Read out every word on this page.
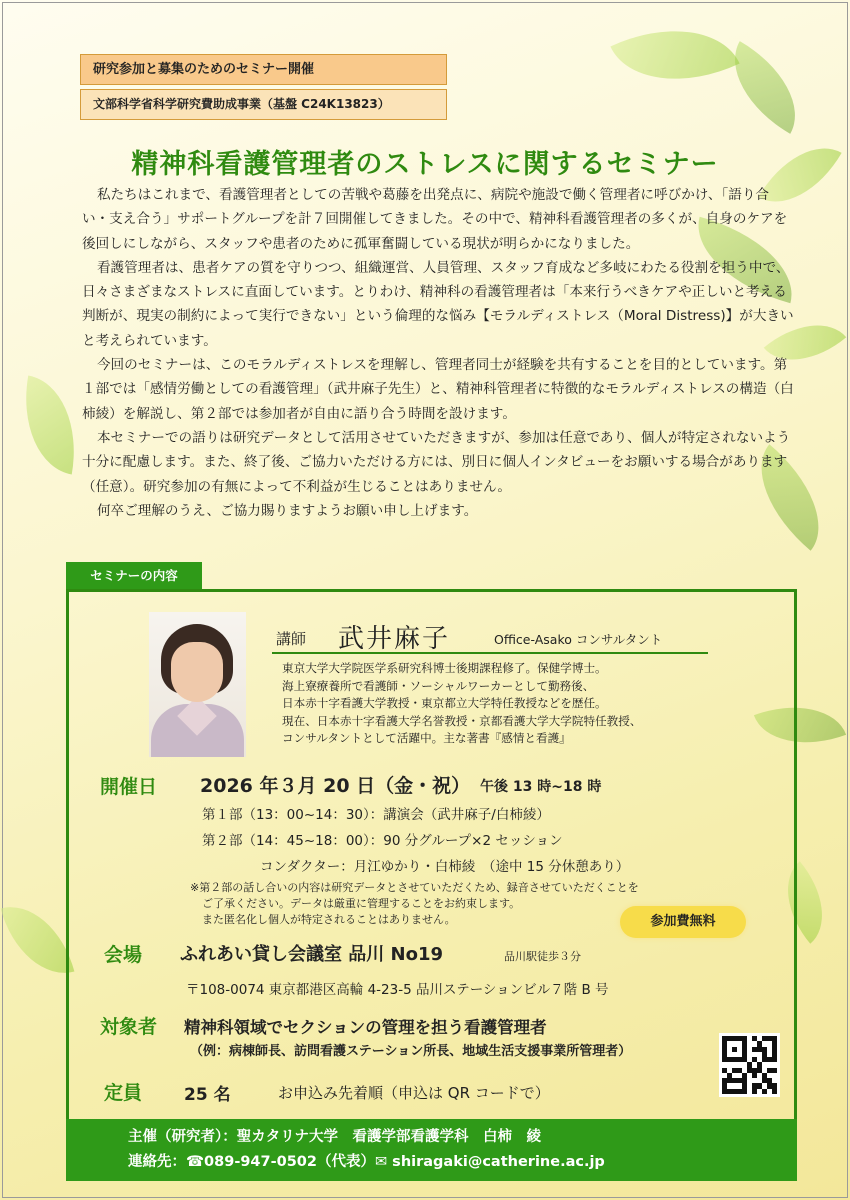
研究参加と募集のためのセミナー開催
文部科学省科学研究費助成事業（基盤 C24K13823）
精神科看護管理者のストレスに関するセミナー

私たちはこれまで、看護管理者としての苦戦や葛藤を出発点に、病院や施設で働く管理者に呼びかけ、「語り合い・支え合う」サポートグループを計７回開催してきました。その中で、精神科看護管理者の多くが、自身のケアを後回しにしながら、スタッフや患者のために孤軍奮闘している現状が明らかになりました。

看護管理者は、患者ケアの質を守りつつ、組織運営、人員管理、スタッフ育成など多岐にわたる役割を担う中で、日々さまざまなストレスに直面しています。とりわけ、精神科の看護管理者は「本来行うべきケアや正しいと考える判断が、現実の制約によって実行できない」という倫理的な悩み【モラルディストレス（Moral Distress)】が大きいと考えられています。

今回のセミナーは、このモラルディストレスを理解し、管理者同士が経験を共有することを目的としています。第１部では「感情労働としての看護管理」（武井麻子先生）と、精神科管理者に特徴的なモラルディストレスの構造（白柿綾）を解説し、第２部では参加者が自由に語り合う時間を設けます。

本セミナーでの語りは研究データとして活用させていただきますが、参加は任意であり、個人が特定されないよう十分に配慮します。また、終了後、ご協力いただける方には、別日に個人インタビューをお願いする場合があります（任意）。研究参加の有無によって不利益が生じることはありません。

何卒ご理解のうえ、ご協力賜りますようお願い申し上げます。

セミナーの内容
講師 武井麻子	Office-Asako コンサルタント
東京大学大学院医学系研究科博士後期課程修了。保健学博士。
海上寮療養所で看護師・ソーシャルワーカーとして勤務後、
日本赤十字看護大学教授・東京都立大学特任教授などを歴任。
現在、日本赤十字看護大学名誉教授・京都看護大学大学院特任教授、
コンサルタントとして活躍中。主な著書『感情と看護』
開催日 2026 年３月 20 日（金・祝） 午後 13 時~18 時
第１部（13：00~14：30）：講演会（武井麻子/白柿綾）
第２部（14：45~18：00）：90 分グループ×2 セッション
コンダクター：月江ゆかり・白柿綾　（途中 15 分休憩あり）
※第２部の話し合いの内容は研究データとさせていただくため、録音させていただくことを
ご了承ください。データは厳重に管理することをお約束します。
また匿名化し個人が特定されることはありません。	参加費無料
会場 ふれあい貸し会議室 品川 No19	品川駅徒歩３分
〒108-0074 東京都港区高輪 4-23-5 品川ステーションビル７階 B 号
対象者 精神科領域でセクションの管理を担う看護管理者
（例：病棟師長、訪問看護ステーション所長、地域生活支援事業所管理者）
定員 25 名	お申込み先着順（申込は QR コードで）
主催（研究者）：聖カタリナ大学　看護学部看護学科　白柿　綾
連絡先：☎089-947-0502（代表）✉ shiragaki@catherine.ac.jp
